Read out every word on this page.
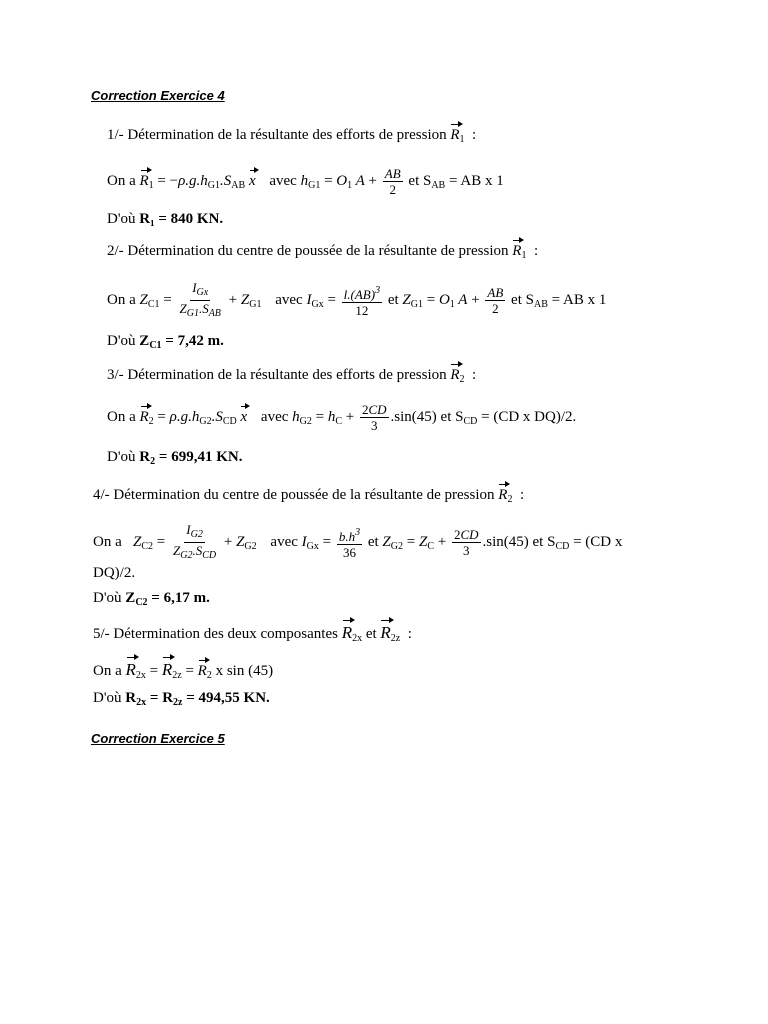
Correction Exercice 4
1/- Détermination de la résultante des efforts de pression $R_1$  :
On a $R_1 = -\rho.g.h_{G1}.S_{AB}$ x avec $h_{G1} = O_1$ $A + \frac{AB}{2}$ et $S_{AB}$ = AB x 1
D'où R₁ = 840 KN.
2/- Détermination du centre de poussée de la résultante de pression $R_1$  :
On a $Z_{C1} = \frac{I_{Gx}}{Z_{G1}.S_{AB}} + Z_{G1}$ avec $I_{Gx} = \frac{l.(AB)^3}{12}$ et $Z_{G1} = O_1$ $A + \frac{AB}{2}$ et $S_{AB}$ = AB x 1
D'où $Z_{C1} = 7,42$ m.
3/- Détermination de la résultante des efforts de pression $R_2$  :
On a $R_2 = \rho.g.h_{G2}.S_{CD}$ x avec $h_{G2} = h_C + \frac{2CD}{3} .\sin(45)$ et $S_{CD} = (CD$ x DQ)/2.
D'où $R_2 = 699,41$ KN.
4/- Détermination du centre de poussée de la résultante de pression $R_2$  :
On a $Z_{C2} = \frac{I_{G2}}{Z_{G2}.S_{CD}} + Z_{G2}$ avec $I_{Gx} = \frac{b.h^3}{36}$ et $Z_{G2} = Z_C + \frac{2CD}{3} .\sin(45)$ et $S_{CD} = (CD$ x
DQ)/2.
D'où $Z_{C2} = 6,17$ m.
5/- Détermination des deux composantes $R_{2x}$ et $R_{2z}$  :
On a $R_{2x} = R_{2z} = R_2$ x sin (45)
D'où $R_{2x} = R_{2z} = 494,55$ KN.
Correction Exercice 5
